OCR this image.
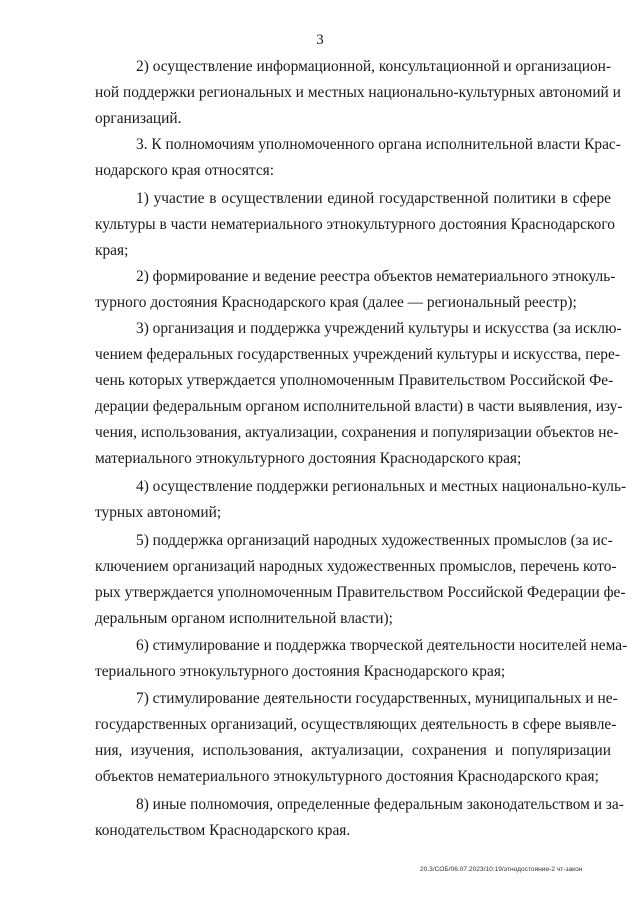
3
2) осуществление информационной, консультационной и организацион-
ной поддержки региональных и местных национально-культурных автономий и
организаций.
3. К полномочиям уполномоченного органа исполнительной власти Крас-
нодарского края относятся:
1) участие в осуществлении единой государственной политики в сфере
культуры в части нематериального этнокультурного достояния Краснодарского
края;
2) формирование и ведение реестра объектов нематериального этнокуль-
турного достояния Краснодарского края (далее — региональный реестр);
3) организация и поддержка учреждений культуры и искусства (за исклю-
чением федеральных государственных учреждений культуры и искусства, пере-
чень которых утверждается уполномоченным Правительством Российской Фе-
дерации федеральным органом исполнительной власти) в части выявления, изу-
чения, использования, актуализации, сохранения и популяризации объектов не-
материального этнокультурного достояния Краснодарского края;
4) осуществление поддержки региональных и местных национально-куль-
турных автономий;
5) поддержка организаций народных художественных промыслов (за ис-
ключением организаций народных художественных промыслов, перечень кото-
рых утверждается уполномоченным Правительством Российской Федерации фе-
деральным органом исполнительной власти);
6) стимулирование и поддержка творческой деятельности носителей нема-
териального этнокультурного достояния Краснодарского края;
7) стимулирование деятельности государственных, муниципальных и не-
государственных организаций, осуществляющих деятельность в сфере выявле-
ния, изучения, использования, актуализации, сохранения и популяризации
объектов нематериального этнокультурного достояния Краснодарского края;
8) иные полномочия, определенные федеральным законодательством и за-
конодательством Краснодарского края.
20.3/СОБ/06.07.2023/10:19/этнодостояние-2 чт-закон
